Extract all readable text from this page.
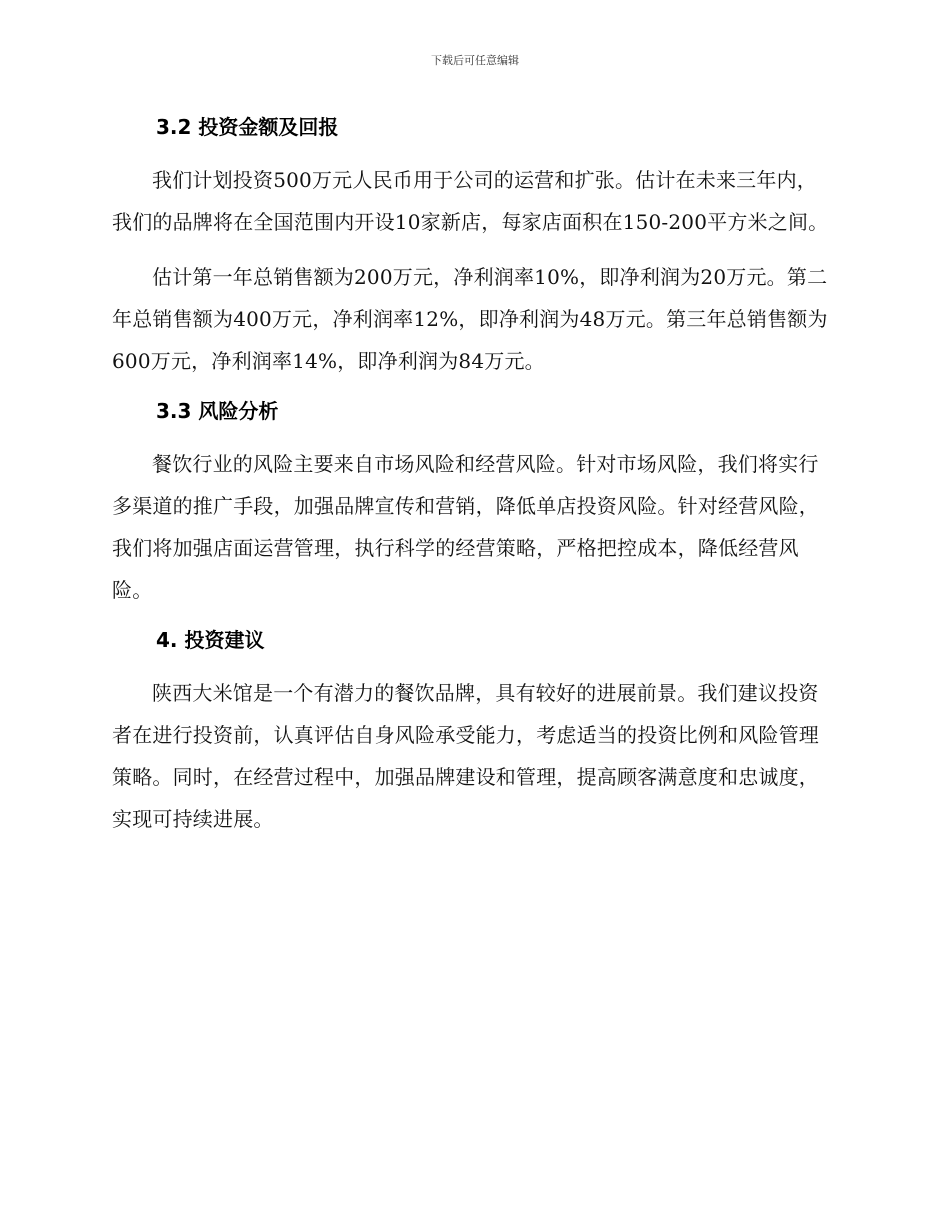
下载后可任意编辑
3.2 投资金额及回报

我们计划投资500万元人民币用于公司的运营和扩张。估计在未来三年内，我们的品牌将在全国范围内开设10家新店，每家店面积在150-200平方米之间。

估计第一年总销售额为200万元，净利润率10%，即净利润为20万元。第二年总销售额为400万元，净利润率12%，即净利润为48万元。第三年总销售额为600万元，净利润率14%，即净利润为84万元。

3.3 风险分析

餐饮行业的风险主要来自市场风险和经营风险。针对市场风险，我们将实行多渠道的推广手段，加强品牌宣传和营销，降低单店投资风险。针对经营风险，我们将加强店面运营管理，执行科学的经营策略，严格把控成本，降低经营风险。

4. 投资建议

陕西大米馆是一个有潜力的餐饮品牌，具有较好的进展前景。我们建议投资者在进行投资前，认真评估自身风险承受能力，考虑适当的投资比例和风险管理策略。同时，在经营过程中，加强品牌建设和管理，提高顾客满意度和忠诚度，实现可持续进展。
